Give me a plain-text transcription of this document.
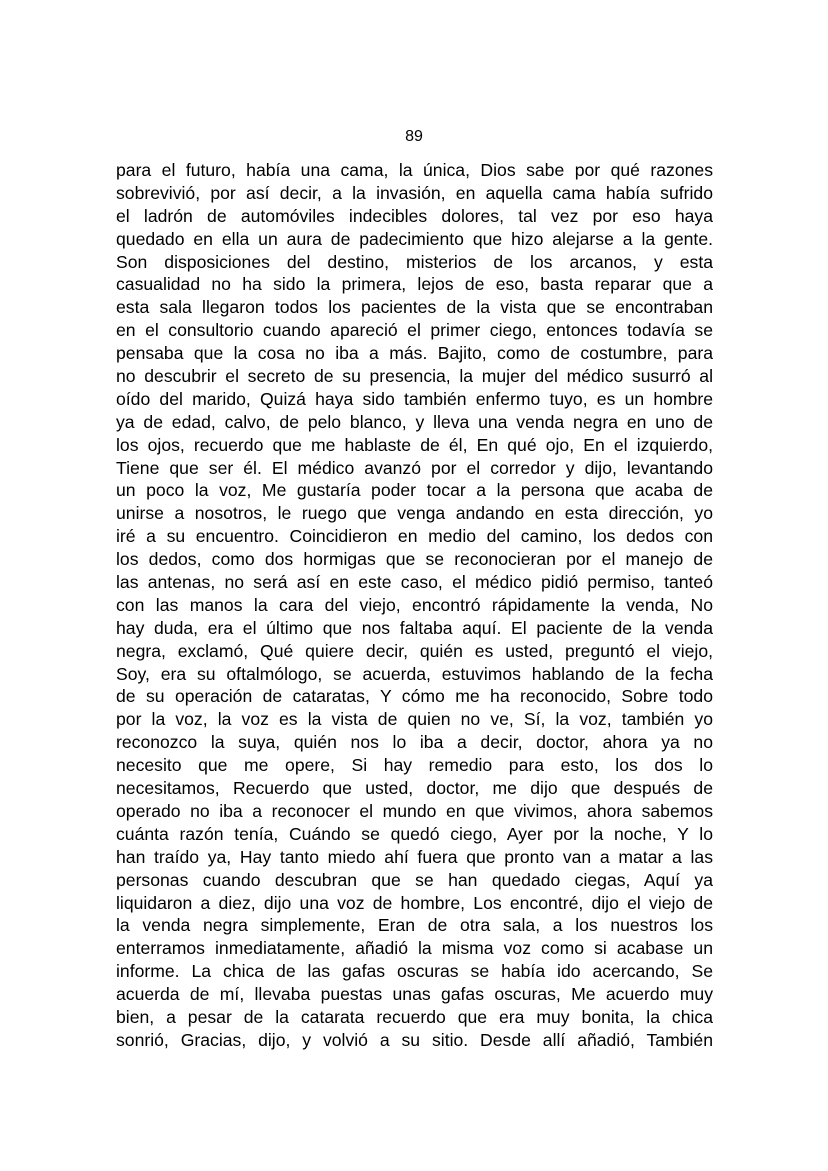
89
para el futuro, había una cama, la única, Dios sabe por qué razones
sobrevivió, por así decir, a la invasión, en aquella cama había sufrido
el ladrón de automóviles indecibles dolores, tal vez por eso haya
quedado en ella un aura de padecimiento que hizo alejarse a la gente.
Son disposiciones del destino, misterios de los arcanos, y esta
casualidad no ha sido la primera, lejos de eso, basta reparar que a
esta sala llegaron todos los pacientes de la vista que se encontraban
en el consultorio cuando apareció el primer ciego, entonces todavía se
pensaba que la cosa no iba a más. Bajito, como de costumbre, para
no descubrir el secreto de su presencia, la mujer del médico susurró al
oído del marido, Quizá haya sido también enfermo tuyo, es un hombre
ya de edad, calvo, de pelo blanco, y lleva una venda negra en uno de
los ojos, recuerdo que me hablaste de él, En qué ojo, En el izquierdo,
Tiene que ser él. El médico avanzó por el corredor y dijo, levantando
un poco la voz, Me gustaría poder tocar a la persona que acaba de
unirse a nosotros, le ruego que venga andando en esta dirección, yo
iré a su encuentro. Coincidieron en medio del camino, los dedos con
los dedos, como dos hormigas que se reconocieran por el manejo de
las antenas, no será así en este caso, el médico pidió permiso, tanteó
con las manos la cara del viejo, encontró rápidamente la venda, No
hay duda, era el último que nos faltaba aquí. El paciente de la venda
negra, exclamó, Qué quiere decir, quién es usted, preguntó el viejo,
Soy, era su oftalmólogo, se acuerda, estuvimos hablando de la fecha
de su operación de cataratas, Y cómo me ha reconocido, Sobre todo
por la voz, la voz es la vista de quien no ve, Sí, la voz, también yo
reconozco la suya, quién nos lo iba a decir, doctor, ahora ya no
necesito que me opere, Si hay remedio para esto, los dos lo
necesitamos, Recuerdo que usted, doctor, me dijo que después de
operado no iba a reconocer el mundo en que vivimos, ahora sabemos
cuánta razón tenía, Cuándo se quedó ciego, Ayer por la noche, Y lo
han traído ya, Hay tanto miedo ahí fuera que pronto van a matar a las
personas cuando descubran que se han quedado ciegas, Aquí ya
liquidaron a diez, dijo una voz de hombre, Los encontré, dijo el viejo de
la venda negra simplemente, Eran de otra sala, a los nuestros los
enterramos inmediatamente, añadió la misma voz como si acabase un
informe. La chica de las gafas oscuras se había ido acercando, Se
acuerda de mí, llevaba puestas unas gafas oscuras, Me acuerdo muy
bien, a pesar de la catarata recuerdo que era muy bonita, la chica
sonrió, Gracias, dijo, y volvió a su sitio. Desde allí añadió, También
